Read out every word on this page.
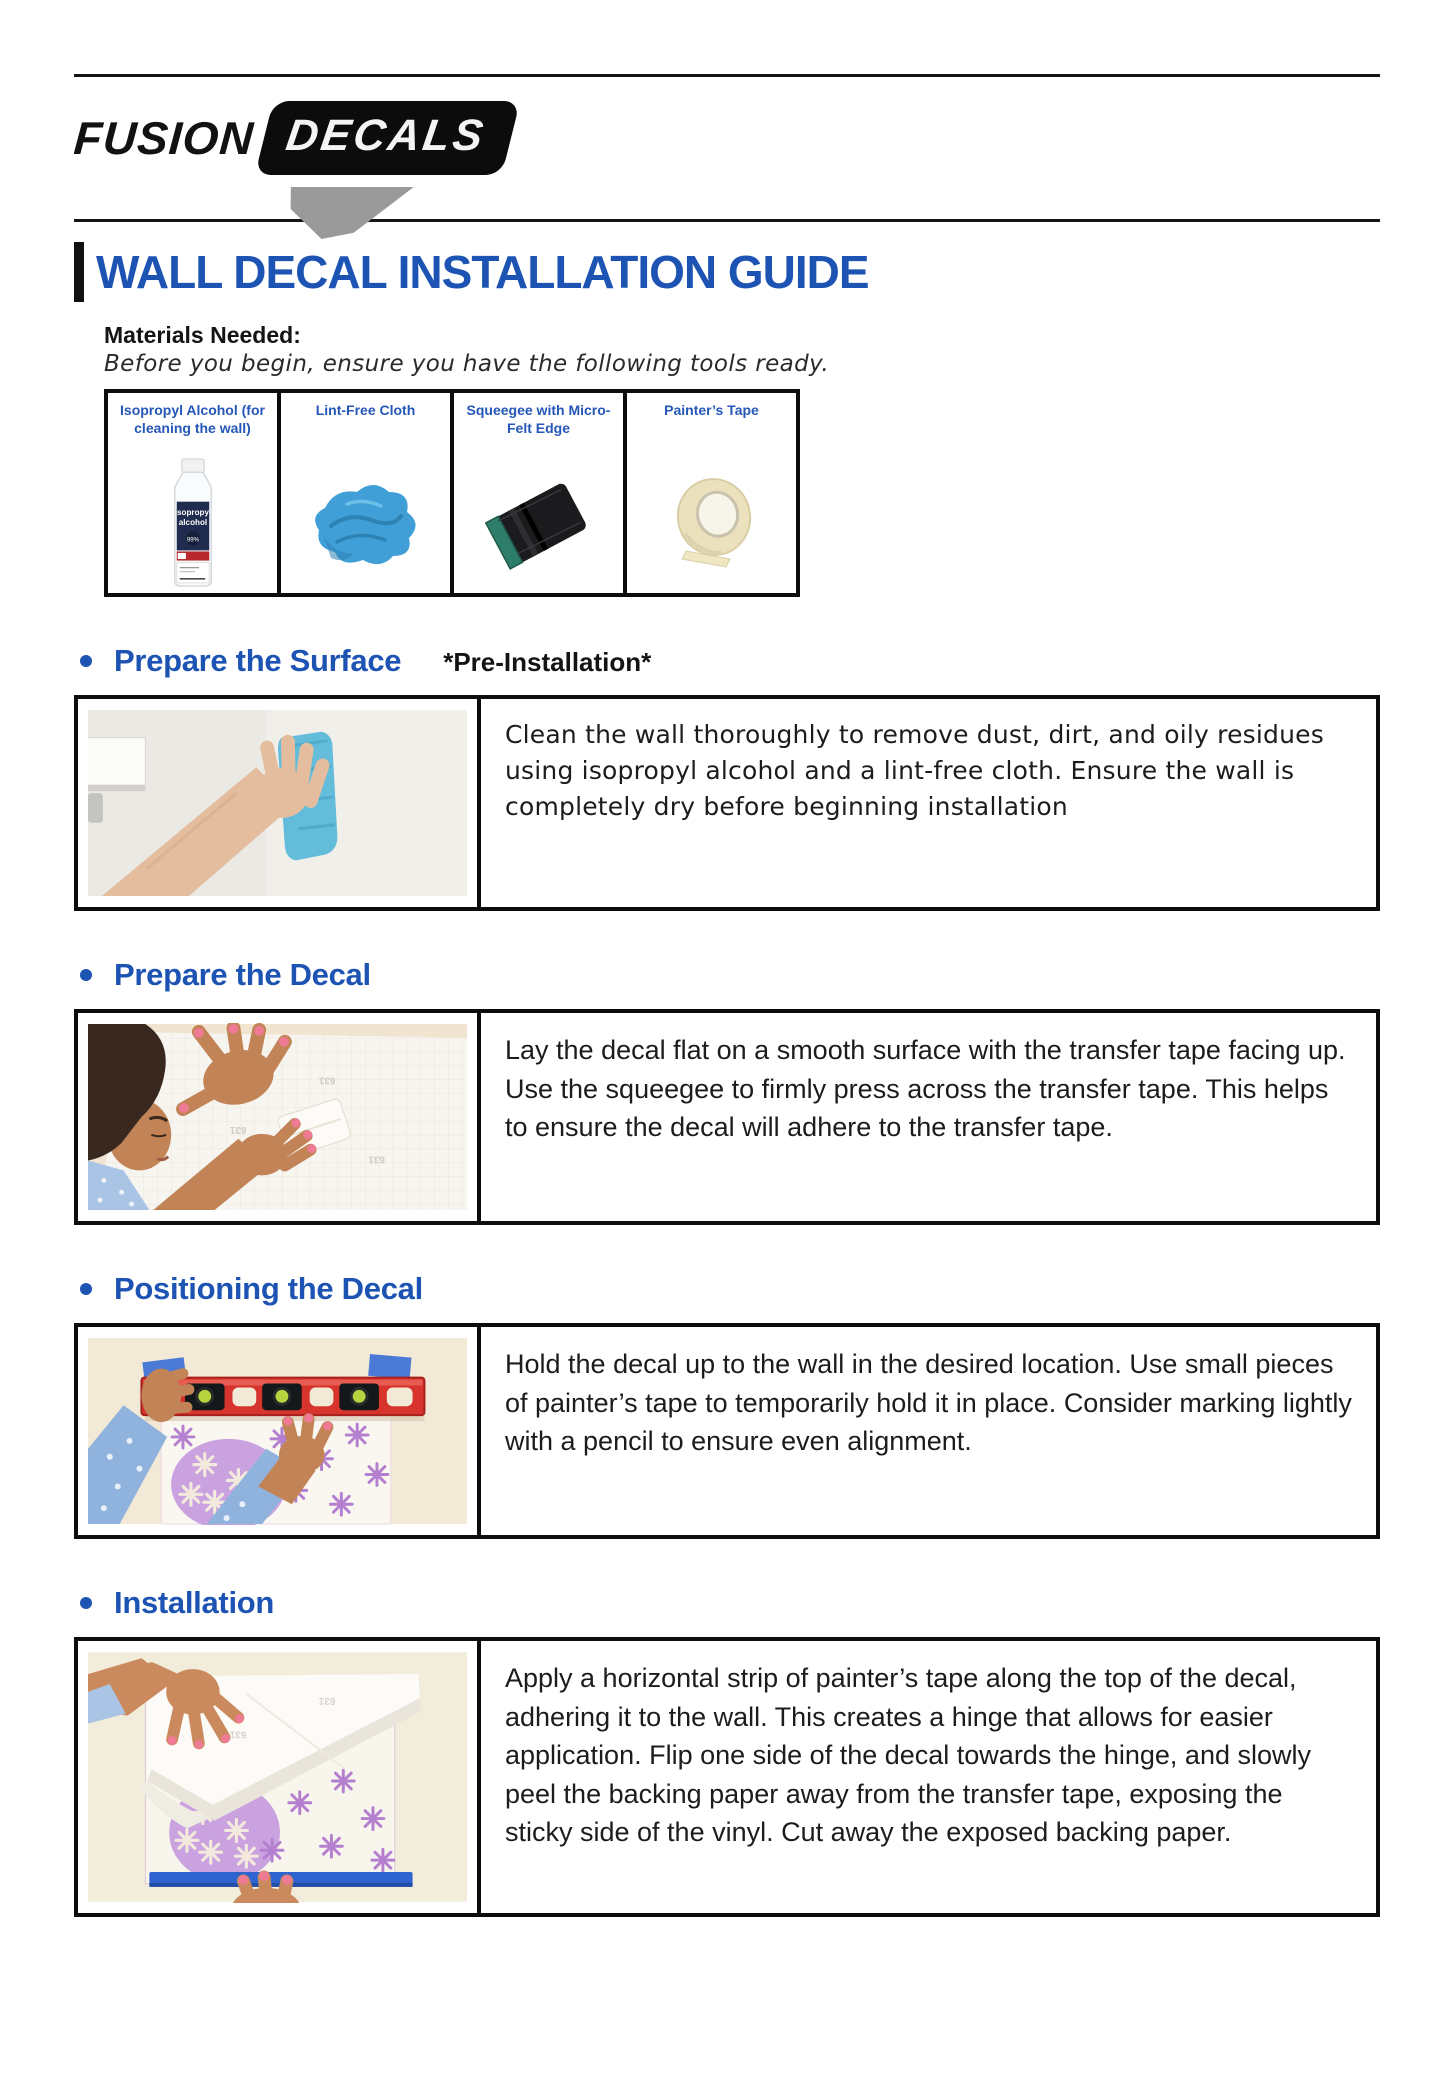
FUSION DECALS
WALL DECAL INSTALLATION GUIDE
Materials Needed:
Before you begin, ensure you have the following tools ready.
Isopropyl Alcohol (for cleaning the wall)
isopropyl
alcohol
99%
Lint-Free Cloth	Squeegee with Micro-Felt Edge
Painter’s Tape
Prepare the Surface *Pre-Installation*
Clean the wall thoroughly to remove dust, dirt, and oily residues using isopropyl alcohol and a lint-free cloth. Ensure the wall is completely dry before beginning installation
Prepare the Decal
631
631
631
Lay the decal flat on a smooth surface with the transfer tape facing up. Use the squeegee to firmly press across the transfer tape. This helps to ensure the decal will adhere to the transfer tape.
Positioning the Decal
Hold the decal up to the wall in the desired location. Use small pieces of painter’s tape to temporarily hold it in place. Consider marking lightly with a pencil to ensure even alignment.
Installation
631
631
Apply a horizontal strip of painter’s tape along the top of the decal, adhering it to the wall. This creates a hinge that allows for easier application. Flip one side of the decal towards the hinge, and slowly peel the backing paper away from the transfer tape, exposing the sticky side of the vinyl. Cut away the exposed backing paper.
